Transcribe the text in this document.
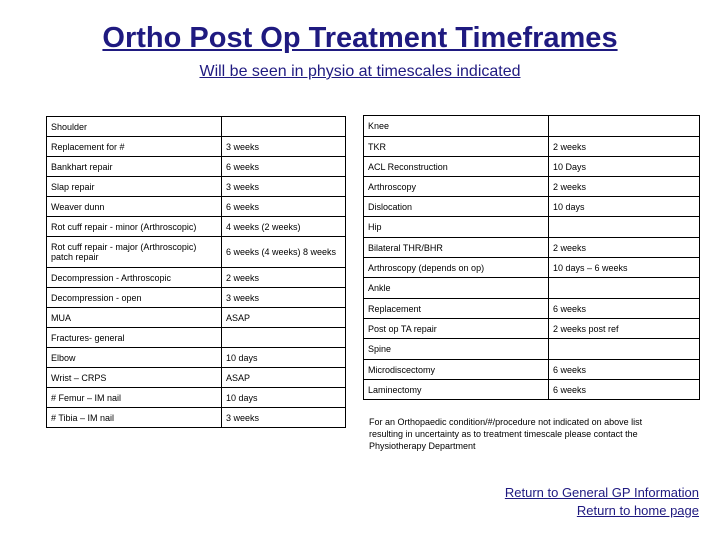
Ortho Post Op Treatment Timeframes
Will be seen in physio at timescales indicated
Shoulder	
Replacement for #	3 weeks
Bankhart repair	6 weeks
Slap repair	3 weeks
Weaver dunn	6 weeks
Rot cuff repair - minor (Arthroscopic)	4 weeks (2 weeks)
Rot cuff repair - major (Arthroscopic) patch repair	6 weeks (4 weeks) 8 weeks
Decompression - Arthroscopic	2 weeks
Decompression - open	3 weeks
MUA	ASAP
Fractures- general	
Elbow	10 days
Wrist – CRPS	ASAP
# Femur – IM nail	10 days
# Tibia – IM nail	3 weeks
Knee	
TKR	2 weeks
ACL Reconstruction	10 Days
Arthroscopy	2 weeks
Dislocation	10 days
Hip	
Bilateral THR/BHR	2 weeks
Arthroscopy (depends on op)	10 days – 6 weeks
Ankle	
Replacement	6 weeks
Post op TA repair	2 weeks post ref
Spine	
Microdiscectomy	6 weeks
Laminectomy	6 weeks
For an Orthopaedic condition/#/procedure not indicated on above list resulting in uncertainty as to treatment timescale please contact the Physiotherapy Department
Return to General GP Information
Return to home page
